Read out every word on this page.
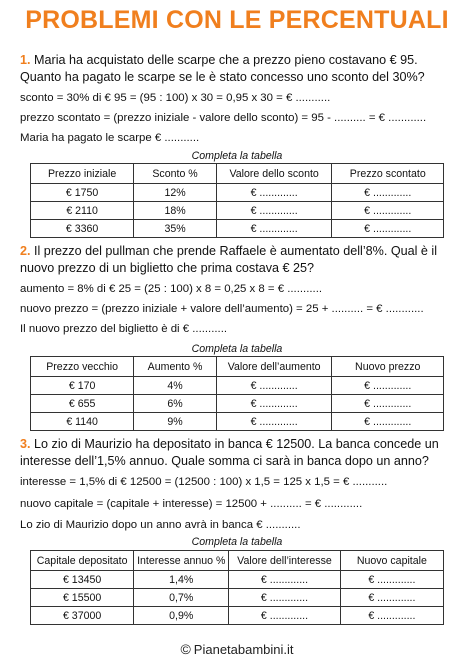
PROBLEMI CON LE PERCENTUALI
1. Maria ha acquistato delle scarpe che a prezzo pieno costavano € 95. Quanto ha pagato le scarpe se le è stato concesso uno sconto del 30%?
sconto = 30% di € 95 = (95 : 100) x 30 = 0,95 x 30 = € ...........
prezzo scontato = (prezzo iniziale - valore dello sconto) = 95 - .......... = € ............
Maria ha pagato le scarpe € ...........
Completa la tabella
Prezzo iniziale	Sconto %	Valore dello sconto	Prezzo scontato
€ 1750	12%	€ .............	€ .............
€ 2110	18%	€ .............	€ .............
€ 3360	35%	€ .............	€ .............
2. Il prezzo del pullman che prende Raffaele è aumentato dell’8%. Qual è il nuovo prezzo di un biglietto che prima costava € 25?
aumento = 8% di € 25 = (25 : 100) x 8 = 0,25 x 8 = € ...........
nuovo prezzo = (prezzo iniziale + valore dell’aumento) = 25 + .......... = € ............
Il nuovo prezzo del biglietto è di € ...........
Completa la tabella
Prezzo vecchio	Aumento %	Valore dell’aumento	Nuovo prezzo
€ 170	4%	€ .............	€ .............
€ 655	6%	€ .............	€ .............
€ 1140	9%	€ .............	€ .............
3. Lo zio di Maurizio ha depositato in banca € 12500. La banca concede un interesse dell’1,5% annuo. Quale somma ci sarà in banca dopo un anno?
interesse = 1,5% di € 12500 = (12500 : 100) x 1,5 = 125 x 1,5 = € ...........
nuovo capitale = (capitale + interesse) = 12500 + .......... = € ............
Lo zio di Maurizio dopo un anno avrà in banca € ...........
Completa la tabella
Capitale depositato	Interesse annuo %	Valore dell’interesse	Nuovo capitale
€ 13450	1,4%	€ .............	€ .............
€ 15500	0,7%	€ .............	€ .............
€ 37000	0,9%	€ .............	€ .............
© Pianetabambini.it
